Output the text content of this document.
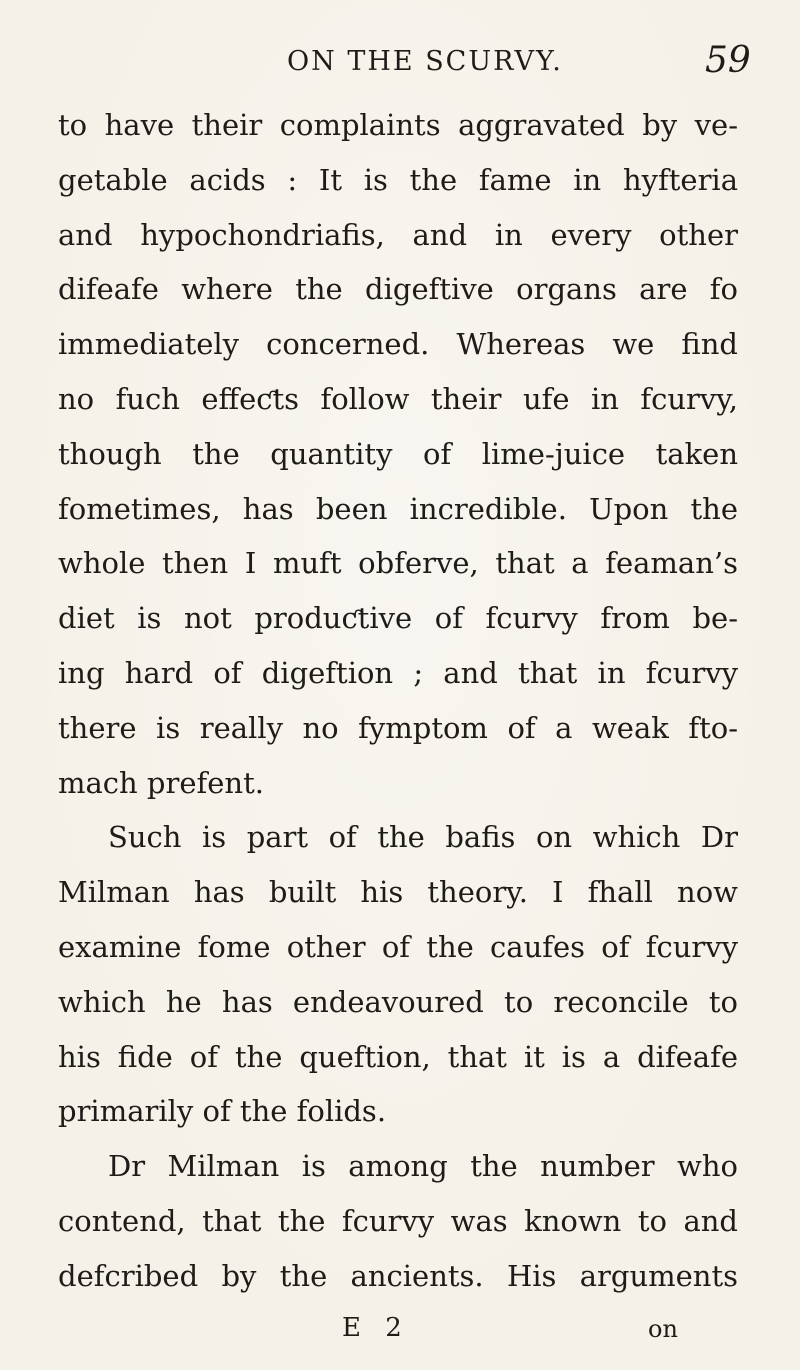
ON THE SCURVY.	59
to have their complaints aggravated by ve-
getable acids : It is the fame in hyfteria
and hypochondriafis, and in every other
difeafe where the digeftive organs are fo
immediately concerned. Whereas we find
no fuch effeƈts follow their ufe in fcurvy,
though the quantity of lime-juice taken
fometimes, has been incredible. Upon the
whole then I muft obferve, that a feaman’s
diet is not produƈtive of fcurvy from be-
ing hard of digeftion ; and that in fcurvy
there is really no fymptom of a weak fto-
mach prefent.
Such is part of the bafis on which Dr
Milman has built his theory. I fhall now
examine fome other of the caufes of fcurvy
which he has endeavoured to reconcile to
his fide of the queftion, that it is a difeafe
primarily of the folids.
Dr Milman is among the number who
contend, that the fcurvy was known to and
defcribed by the ancients. His arguments
E 2	on
